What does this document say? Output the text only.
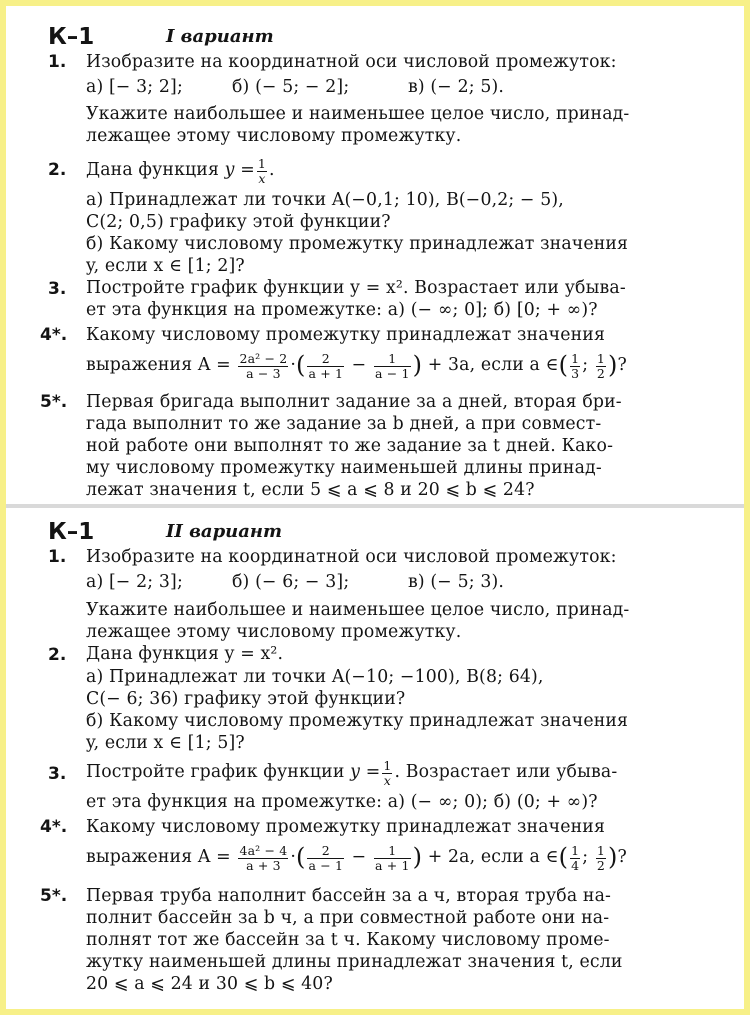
К–1	I вариант
1. Изобразите на координатной оси числовой промежуток:
а) [− 3; 2];	б) (− 5; − 2];	в) (− 2; 5).
Укажите наибольшее и наименьшее целое число, принад-
лежащее этому числовому промежутку.
2. Дана функция $y = \frac{1}{x}$ .
а) Принадлежат ли точки A(−0,1; 10), B(−0,2; − 5),
C(2; 0,5) графику этой функции?
б) Какому числовому промежутку принадлежат значения
y, если x ∈ [1; 2]?
3. Постройте график функции y = x². Возрастает или убыва-
ет эта функция на промежутке: а) (− ∞; 0]; б) [0; + ∞)?
4*. Какому числовому промежутку принадлежат значения
выражения $A = \frac{\text{2a² − 2}}{a - 3}$ ·( $\frac{2}{a + 1} - \frac{1}{a - 1}$ ) + 3a, если a ∈( $\frac{1}{3}$ ; $\frac{1}{2}$ )?
5*. Первая бригада выполнит задание за a дней, вторая бри-
гада выполнит то же задание за b дней, а при совмест-
ной работе они выполнят то же задание за t дней. Како-
му числовому промежутку наименьшей длины принад-
лежат значения t, если 5 ⩽ a ⩽ 8 и 20 ⩽ b ⩽ 24?
К–1	II вариант
1. Изобразите на координатной оси числовой промежуток:
а) [− 2; 3];	б) (− 6; − 3];	в) (− 5; 3).
Укажите наибольшее и наименьшее целое число, принад-
лежащее этому числовому промежутку.
2. Дана функция y = x².
а) Принадлежат ли точки A(−10; −100), B(8; 64),
C(− 6; 36) графику этой функции?
б) Какому числовому промежутку принадлежат значения
y, если x ∈ [1; 5]?
3. Постройте график функции $y = \frac{1}{x}$ . Возрастает или убыва-
ет эта функция на промежутке: а) (− ∞; 0); б) (0; + ∞)?
4*. Какому числовому промежутку принадлежат значения
выражения $A = \frac{\text{4a² − 4}}{a + 3}$ ·( $\frac{2}{a - 1} - \frac{1}{a + 1}$ ) + 2a, если a ∈( $\frac{1}{4}$ ; $\frac{1}{2}$ )?
5*. Первая труба наполнит бассейн за a ч, вторая труба на-
полнит бассейн за b ч, а при совместной работе они на-
полнят тот же бассейн за t ч. Какому числовому проме-
жутку наименьшей длины принадлежат значения t, если
20 ⩽ a ⩽ 24 и 30 ⩽ b ⩽ 40?
